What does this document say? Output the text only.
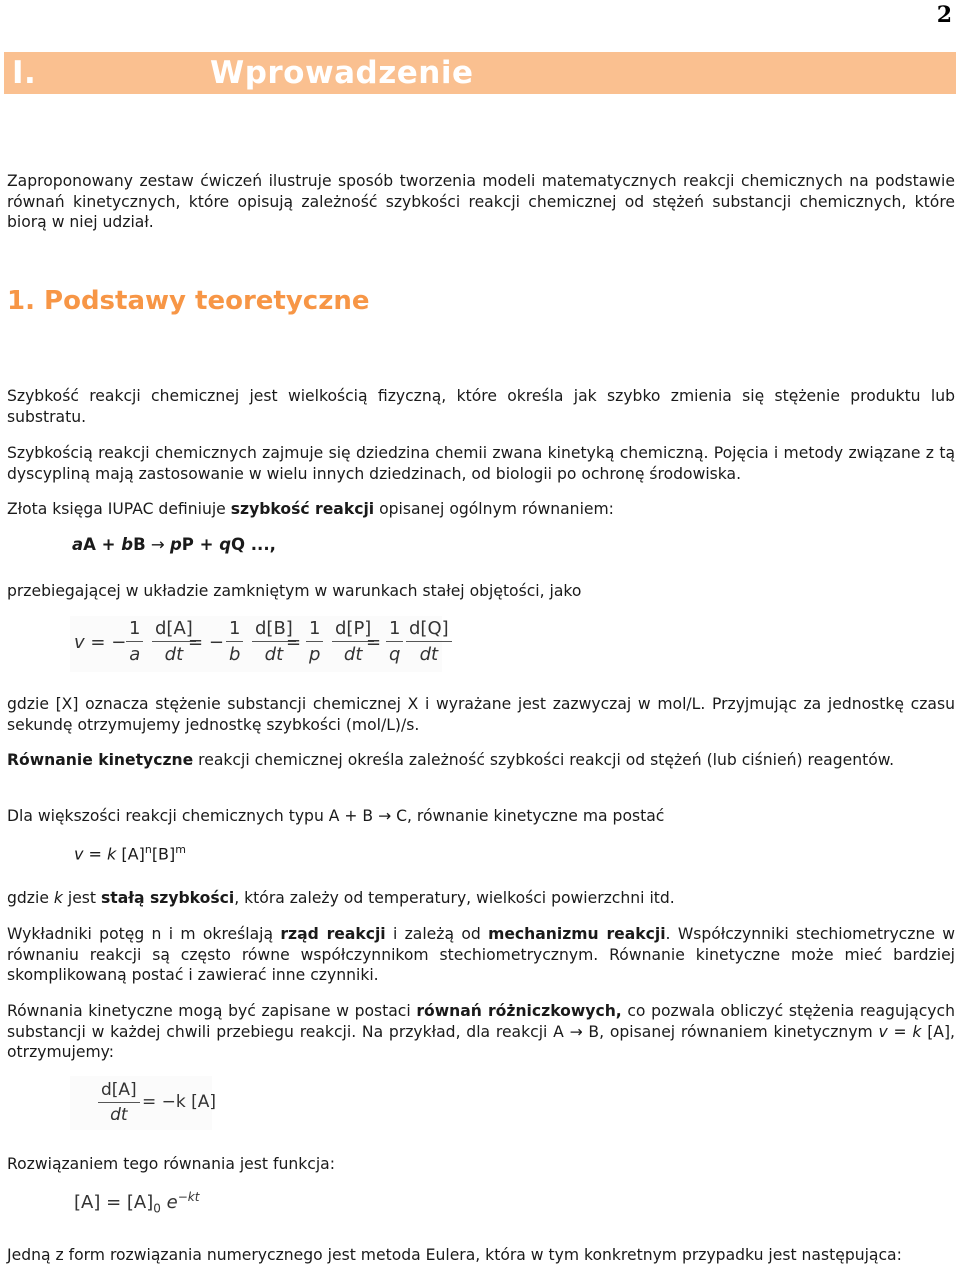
2
I.	Wprowadzenie
Zaproponowany zestaw ćwiczeń ilustruje sposób tworzenia modeli matematycznych reakcji chemicznych na podstawie równań kinetycznych, które opisują zależność szybkości reakcji chemicznej od stężeń substancji chemicznych, które biorą w niej udział.
1. Podstawy teoretyczne
Szybkość reakcji chemicznej jest wielkością fizyczną, które określa jak szybko zmienia się stężenie produktu lub substratu.
Szybkością reakcji chemicznych zajmuje się dziedzina chemii zwana kinetyką chemiczną. Pojęcia i metody związane z tą dyscypliną mają zastosowanie w wielu innych dziedzinach, od biologii po ochronę środowiska.
Złota księga IUPAC definiuje szybkość reakcji opisanej ogólnym równaniem:
aA + bB → pP + qQ ...,
przebiegającej w układzie zamkniętym w warunkach stałej objętości, jako
v = − $\frac{1}{a} \frac{d[A]}{dt}$
= − $\frac{1}{b} \frac{d[B]}{dt}$
= $\frac{1}{p} \frac{d[P]}{dt}$
= $\frac{1}{q} \frac{d[Q]}{dt}$
gdzie [X] oznacza stężenie substancji chemicznej X i wyrażane jest zazwyczaj w mol/L. Przyjmując za jednostkę czasu sekundę otrzymujemy jednostkę szybkości (mol/L)/s.
Równanie kinetyczne reakcji chemicznej określa zależność szybkości reakcji od stężeń (lub ciśnień) reagentów.
Dla większości reakcji chemicznych typu A + B → C, równanie kinetyczne ma postać
v = k $[A]^n[B]^m$
gdzie k jest stałą szybkości, która zależy od temperatury, wielkości powierzchni itd.
Wykładniki potęg n i m określają rząd reakcji i zależą od mechanizmu reakcji. Współczynniki stechiometryczne w równaniu reakcji są często równe współczynnikom stechiometrycznym. Równanie kinetyczne może mieć bardziej skomplikowaną postać i zawierać inne czynniki.
Równania kinetyczne mogą być zapisane w postaci równań różniczkowych, co pozwala obliczyć stężenia reagujących substancji w każdej chwili przebiegu reakcji. Na przykład, dla reakcji A → B, opisanej równaniem kinetycznym v = k [A], otrzymujemy:
$\frac{d[A]}{dt} = -k$ [A]
Rozwiązaniem tego równania jest funkcja:
$[A] = [A]_0$ $e^{-kt}$
Jedną z form rozwiązania numerycznego jest metoda Eulera, która w tym konkretnym przypadku jest następująca:
